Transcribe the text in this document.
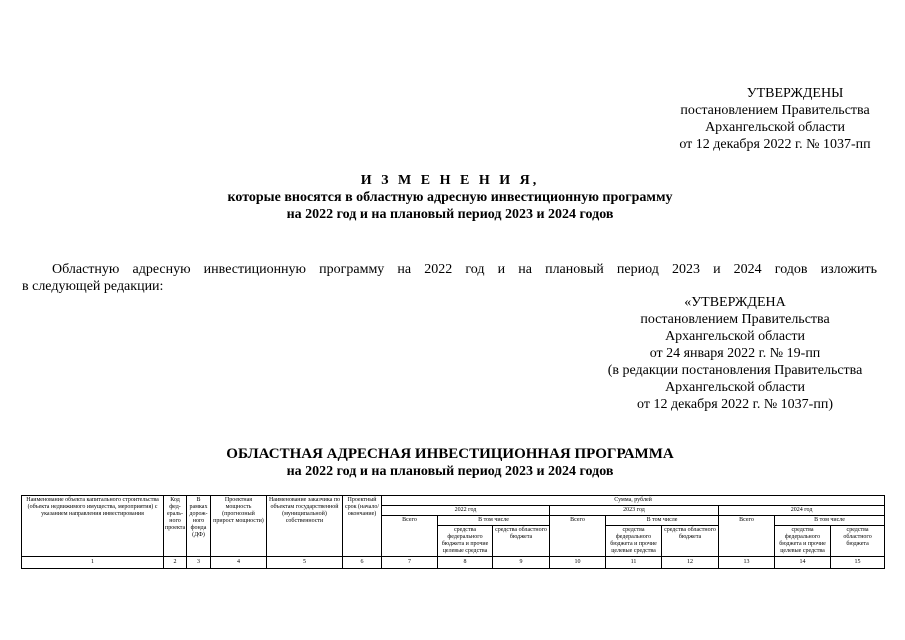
УТВЕРЖДЕНЫ
постановлением Правительства
Архангельской области
от 12 декабря 2022 г. № 1037-пп
И З М Е Н Е Н И Я,
которые вносятся в областную адресную инвестиционную программу
на 2022 год и на плановый период 2023 и 2024 годов
Областную адресную инвестиционную программу на 2022 год и на плановый период 2023 и 2024 годов изложить
в следующей редакции:
«УТВЕРЖДЕНА
постановлением Правительства
Архангельской области
от 24 января 2022 г. № 19-пп
(в редакции постановления Правительства
Архангельской области
от 12 декабря 2022 г. № 1037-пп)
ОБЛАСТНАЯ АДРЕСНАЯ ИНВЕСТИЦИОННАЯ ПРОГРАММА
на 2022 год и на плановый период 2023 и 2024 годов
Наименование объекта капитального строительства (объекта недвижимого имущества, мероприятия) с указанием направления инвестирования	Код фед-ераль-ного проекта	В рамках дорож-ного фонда (ДФ)	Проектная мощность (прогнозный прирост мощности)	Наименование заказчика по объектам государственной (муниципальной) собственности	Проектный срок (начало/ окончание)	Сумма, рублей								
						2022 год			2023 год			2024 год		
						Всего	В том числе		Всего	В том числе		Всего	В том числе	
							средства федерального бюджета и прочие целевые средства	средства областного бюджета		средства федерального бюджета и прочие целевые средства	средства областного бюджета		средства федерального бюджета и прочие целевые средства	средства областного бюджета
1	2	3	4	5	6	7	8	9	10	11	12	13	14	15
